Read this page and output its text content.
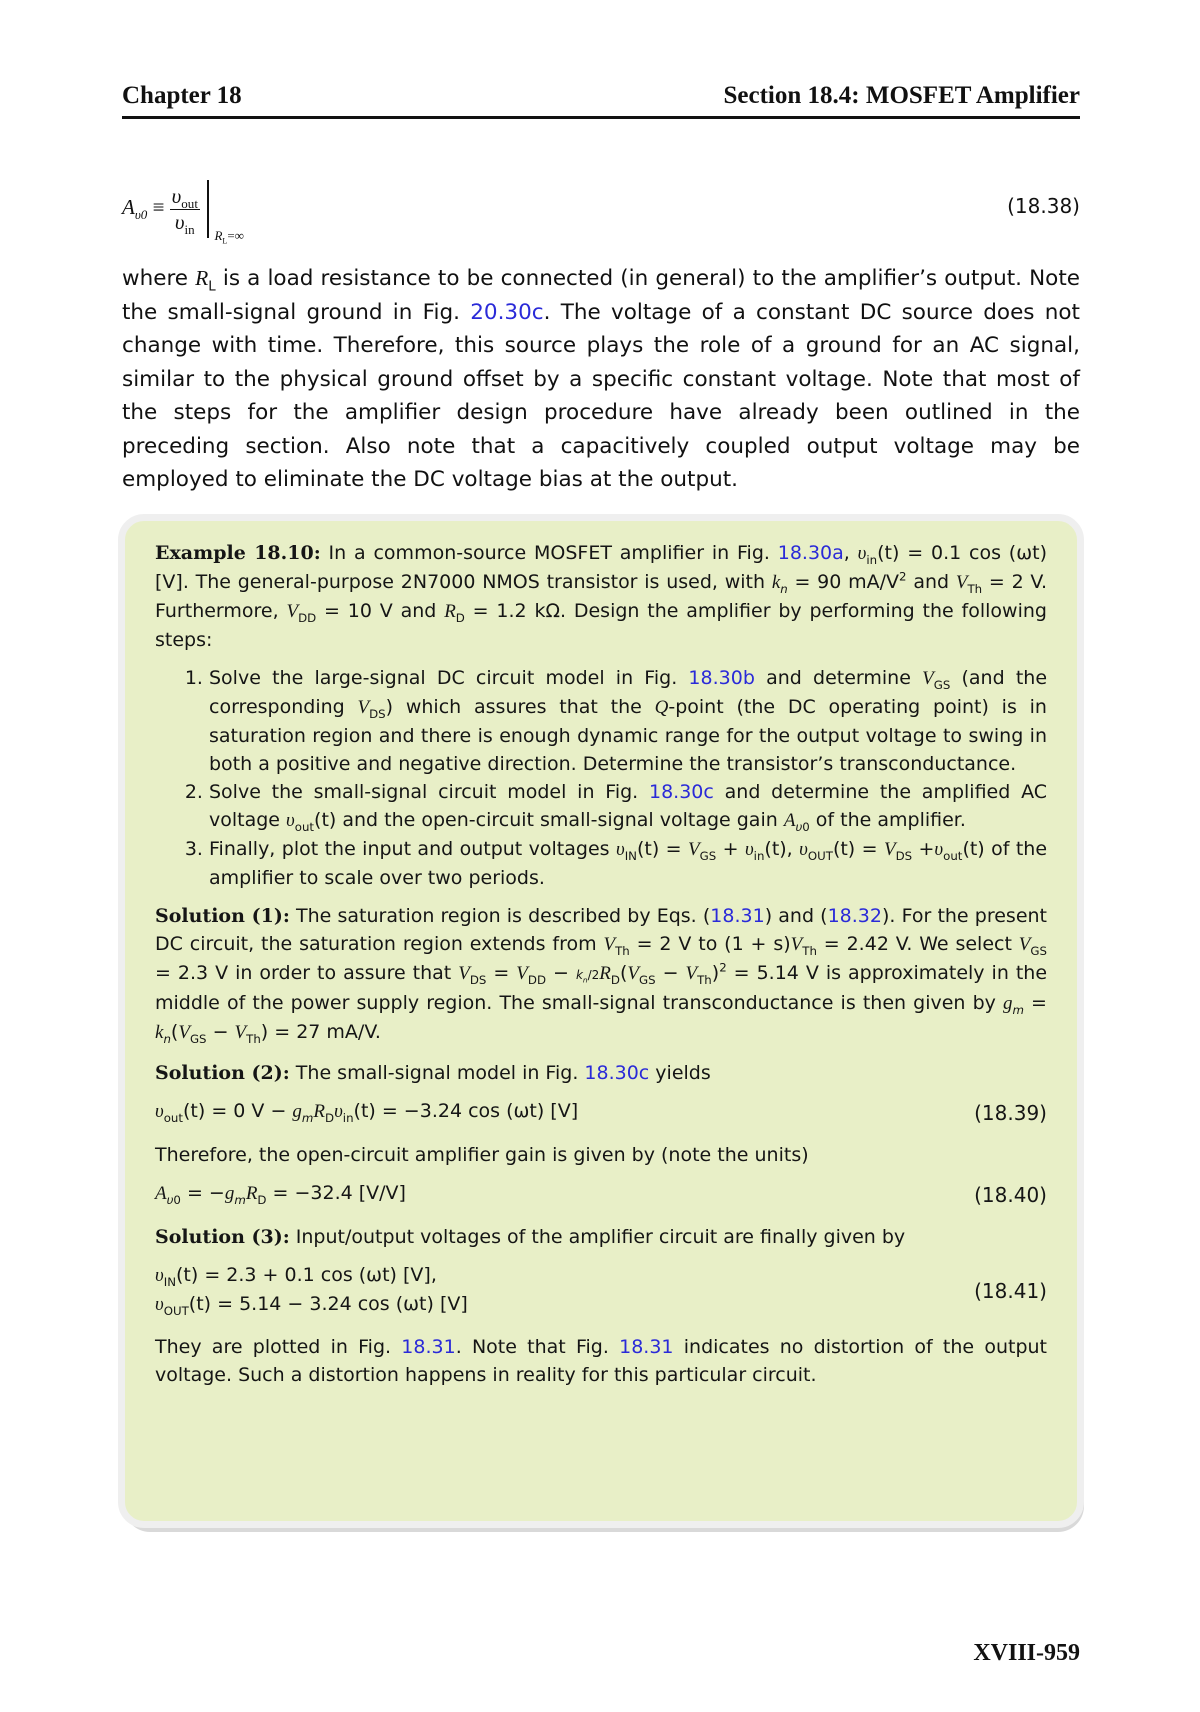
Chapter 18	Section 18.4: MOSFET Amplifier
$A_{\upsilon 0} \equiv \frac{\upsilon_{out}}{\upsilon_{in}}$
$_{R_L=\infty}$
(18.38)
where $R_L$ is a load resistance to be connected (in general) to the amplifier’s output. Note the small-signal ground in Fig. 20.30c. The voltage of a constant DC source does not change with time. Therefore, this source plays the role of a ground for an AC signal, similar to the physical ground offset by a specific constant voltage. Note that most of the steps for the amplifier design procedure have already been outlined in the preceding section. Also note that a capacitively coupled output voltage may be employed to eliminate the DC voltage bias at the output.

Example 18.10: In a common-source MOSFET amplifier in Fig. 18.30a, $\upsilon_{in}(t) = 0.1$ cos (ωt) [V]. The general-purpose 2N7000 NMOS transistor is used, with $k_n = 90$ $mA/V^2$ and $V_{Th} = 2$ V. Furthermore, $V_{DD} = 10$ V and $R_D = 1.2$ kΩ. Design the amplifier by performing the following steps:

1. Solve the large-signal DC circuit model in Fig. 18.30b and determine $V_{GS}$ (and the corresponding $V_{DS}$) which assures that the Q-point (the DC operating point) is in saturation region and there is enough dynamic range for the output voltage to swing in both a positive and negative direction. Determine the transistor’s transconductance.
2. Solve the small-signal circuit model in Fig. 18.30c and determine the amplified AC voltage $\upsilon_{out}(t)$ and the open-circuit small-signal voltage gain $A_{\upsilon 0}$ of the amplifier.
3. Finally, plot the input and output voltages $\upsilon_{IN}(t) = V_{GS} + \upsilon_{in}(t)$, $\upsilon_{OUT}(t) = V_{DS} +\upsilon_{out}(t)$ of the amplifier to scale over two periods.

Solution (1): The saturation region is described by Eqs. (18.31) and (18.32). For the present DC circuit, the saturation region extends from $V_{Th} = 2$ V to $(1 + s)V_{Th} = 2.42$ V. We select $V_{GS} = 2.3$ V in order to assure that $V_{DS} = V_{DD} - k_n/2R_D(V_{GS} - V_{Th})^2 = 5.14$ V is approximately in the middle of the power supply region. The small-signal transconductance is then given by $g_m = k_n(V_{GS} - V_{Th}) = 27$ mA/V.

Solution (2): The small-signal model in Fig. 18.30c yields

$\upsilon_{out}(t) = 0$ $V - g_mR_D\upsilon_{in}(t) = -3.24$ cos (ωt) [V]	(18.39)

Therefore, the open-circuit amplifier gain is given by (note the units)

$A_{\upsilon 0} = -g_mR_D = -32.4$ [V/V]	(18.40)

Solution (3): Input/output voltages of the amplifier circuit are finally given by

$\upsilon_{IN}(t) = 2.3 + 0.1$ cos (ωt) [V],
$\upsilon_{OUT}(t) = 5.14 - 3.24$ cos (ωt) [V]
(18.41)

They are plotted in Fig. 18.31. Note that Fig. 18.31 indicates no distortion of the output voltage. Such a distortion happens in reality for this particular circuit.

XVIII-959
